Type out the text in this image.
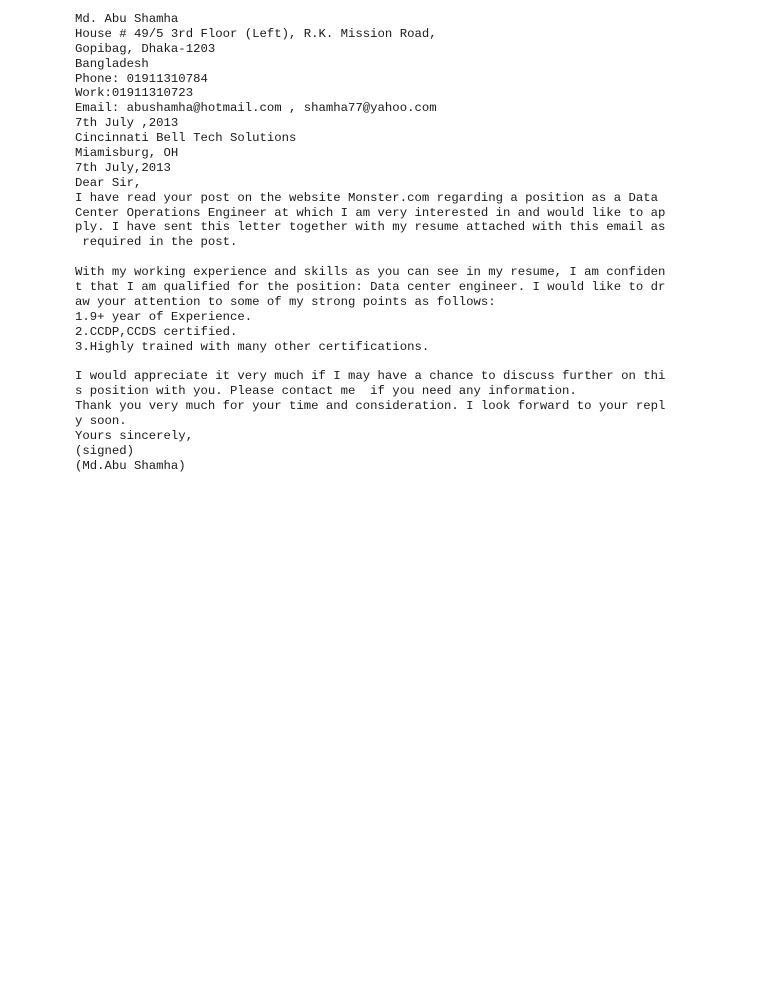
Md. Abu Shamha
House # 49/5 3rd Floor (Left), R.K. Mission Road,
Gopibag, Dhaka-1203
Bangladesh
Phone: 01911310784
Work:01911310723
Email: abushamha@hotmail.com , shamha77@yahoo.com
7th July ,2013
Cincinnati Bell Tech Solutions
Miamisburg, OH
7th July,2013
Dear Sir,
I have read your post on the website Monster.com regarding a position as a Data
Center Operations Engineer at which I am very interested in and would like to ap
ply. I have sent this letter together with my resume attached with this email as
required in the post.
With my working experience and skills as you can see in my resume, I am confiden
t that I am qualified for the position: Data center engineer. I would like to dr
aw your attention to some of my strong points as follows:
1.9+ year of Experience.
2.CCDP,CCDS certified.
3.Highly trained with many other certifications.
I would appreciate it very much if I may have a chance to discuss further on thi
s position with you. Please contact me  if you need any information.
Thank you very much for your time and consideration. I look forward to your repl
y soon.
Yours sincerely,
(signed)
(Md.Abu Shamha)
